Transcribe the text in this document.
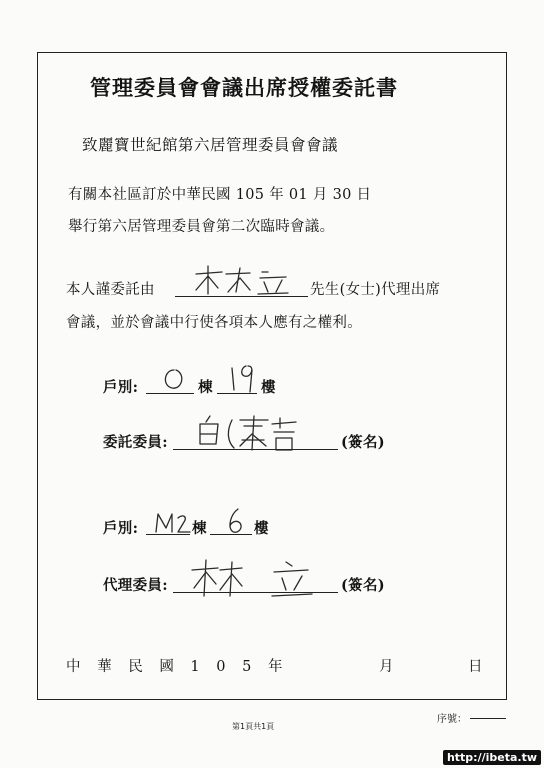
管理委員會會議出席授權委託書
致麗寶世紀館第六居管理委員會會議
有關本社區訂於中華民國 105 年 01 月 30 日
舉行第六居管理委員會第二次臨時會議。
本人謹委託由	先生(女士)代理出席
會議，並於會議中行使各項本人應有之權利。
戶別:	棟	樓
委託委員:	(簽名)
戶別:	棟	樓
代理委員:	(簽名)
中 華 民 國 1 0 5 年	月	日
序號：
第1頁共1頁
http://ibeta.tw
